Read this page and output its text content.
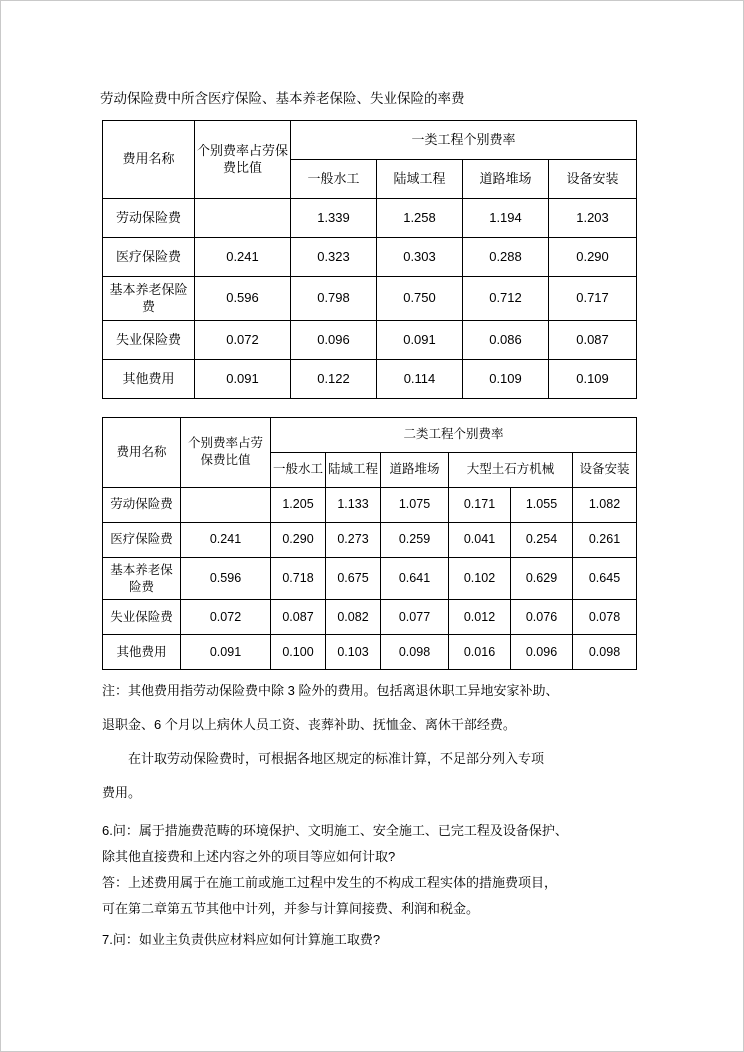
劳动保险费中所含医疗保险、基本养老保险、失业保险的率费

费用名称	个别费率占劳保费比值	一类工程个别费率			
		一般水工	陆域工程	道路堆场	设备安装
劳动保险费		1.339	1.258	1.194	1.203
医疗保险费	0.241	0.323	0.303	0.288	0.290
基本养老保险费	0.596	0.798	0.750	0.712	0.717
失业保险费	0.072	0.096	0.091	0.086	0.087
其他费用	0.091	0.122	0.114	0.109	0.109
费用名称	个别费率占劳保费比值	二类工程个别费率					
		一般水工	陆域工程	道路堆场	大型土石方机械		设备安装
劳动保险费		1.205	1.133	1.075	0.171	1.055	1.082
医疗保险费	0.241	0.290	0.273	0.259	0.041	0.254	0.261
基本养老保险费	0.596	0.718	0.675	0.641	0.102	0.629	0.645
失业保险费	0.072	0.087	0.082	0.077	0.012	0.076	0.078
其他费用	0.091	0.100	0.103	0.098	0.016	0.096	0.098

注：其他费用指劳动保险费中除 3 险外的费用。包括离退休职工异地安家补助、

退职金、6 个月以上病休人员工资、丧葬补助、抚恤金、离休干部经费。

在计取劳动保险费时，可根据各地区规定的标准计算，不足部分列入专项

费用。

6.问：属于措施费范畴的环境保护、文明施工、安全施工、已完工程及设备保护、

除其他直接费和上述内容之外的项目等应如何计取?

答：上述费用属于在施工前或施工过程中发生的不构成工程实体的措施费项目，

可在第二章第五节其他中计列，并参与计算间接费、利润和税金。

7.问：如业主负责供应材料应如何计算施工取费?
